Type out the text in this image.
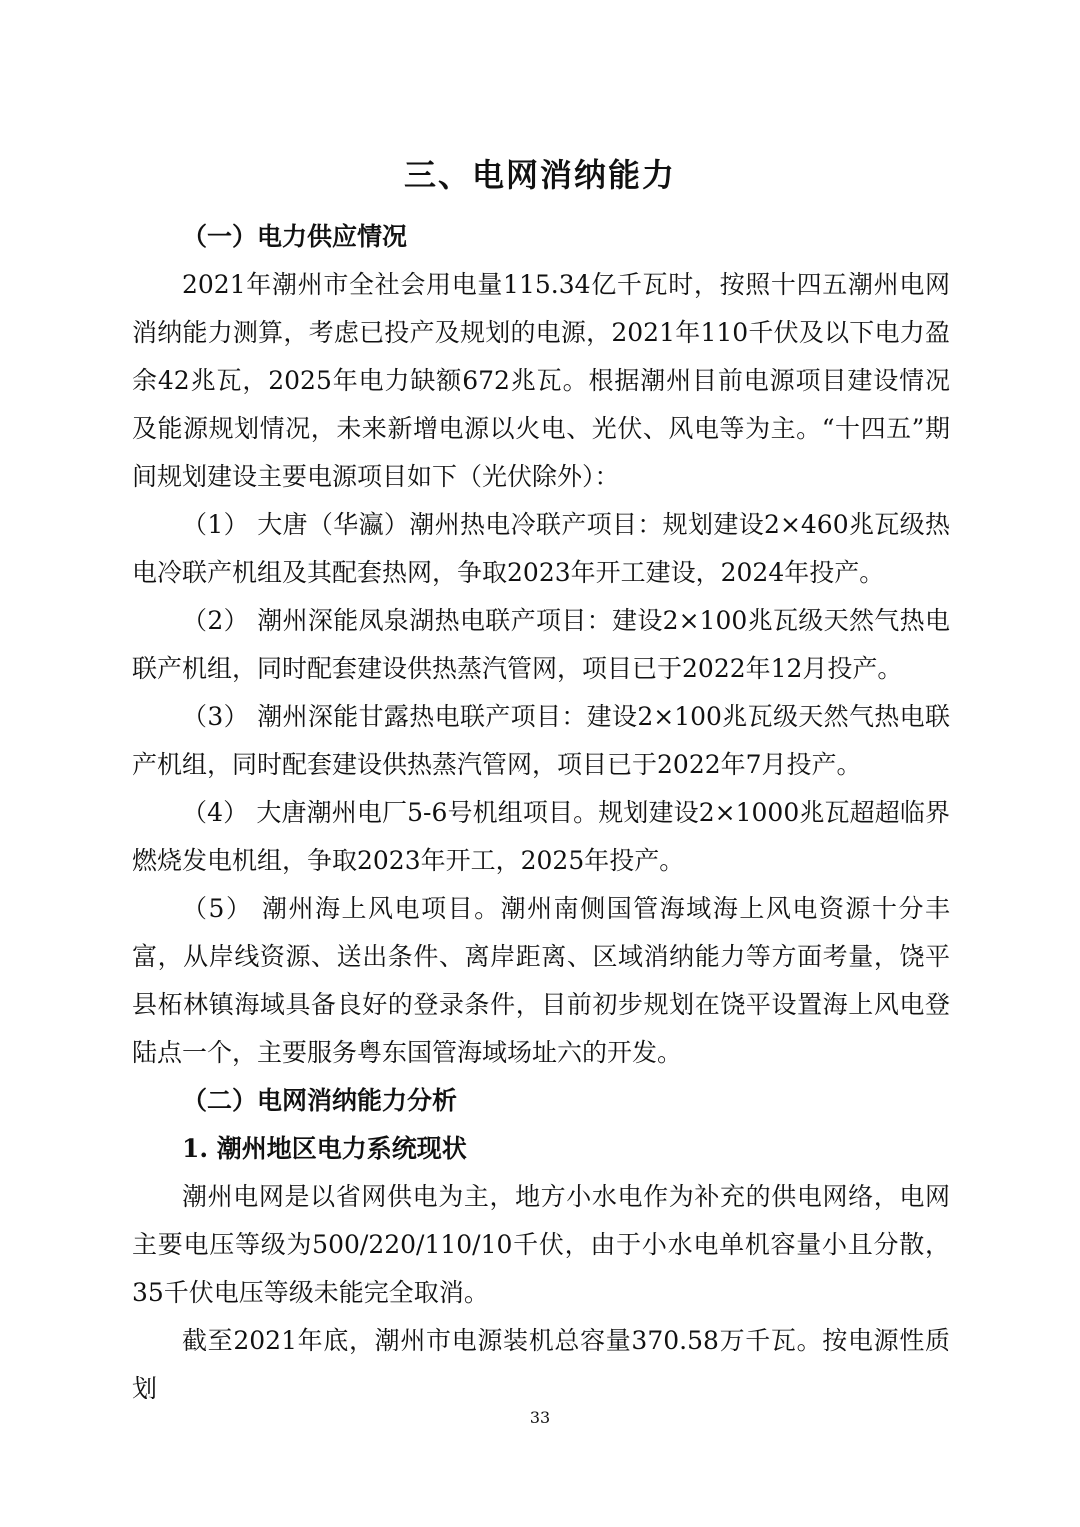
三、电网消纳能力

（一）电力供应情况

2021年潮州市全社会用电量115.34亿千瓦时，按照十四五潮州电网消纳能力测算，考虑已投产及规划的电源，2021年110千伏及以下电力盈余42兆瓦，2025年电力缺额672兆瓦。根据潮州目前电源项目建设情况及能源规划情况，未来新增电源以火电、光伏、风电等为主。“十四五”期间规划建设主要电源项目如下（光伏除外）：

（1） 大唐（华瀛）潮州热电冷联产项目：规划建设2×460兆瓦级热电冷联产机组及其配套热网，争取2023年开工建设，2024年投产。

（2） 潮州深能凤泉湖热电联产项目：建设2×100兆瓦级天然气热电联产机组，同时配套建设供热蒸汽管网，项目已于2022年12月投产。

（3） 潮州深能甘露热电联产项目：建设2×100兆瓦级天然气热电联产机组，同时配套建设供热蒸汽管网，项目已于2022年7月投产。

（4） 大唐潮州电厂5-6号机组项目。规划建设2×1000兆瓦超超临界燃烧发电机组，争取2023年开工，2025年投产。

（5） 潮州海上风电项目。潮州南侧国管海域海上风电资源十分丰富，从岸线资源、送出条件、离岸距离、区域消纳能力等方面考量，饶平县柘林镇海域具备良好的登录条件，目前初步规划在饶平设置海上风电登陆点一个，主要服务粤东国管海域场址六的开发。

（二）电网消纳能力分析

1. 潮州地区电力系统现状

潮州电网是以省网供电为主，地方小水电作为补充的供电网络，电网主要电压等级为500/220/110/10千伏，由于小水电单机容量小且分散，35千伏电压等级未能完全取消。

截至2021年底，潮州市电源装机总容量370.58万千瓦。按电源性质划

33
